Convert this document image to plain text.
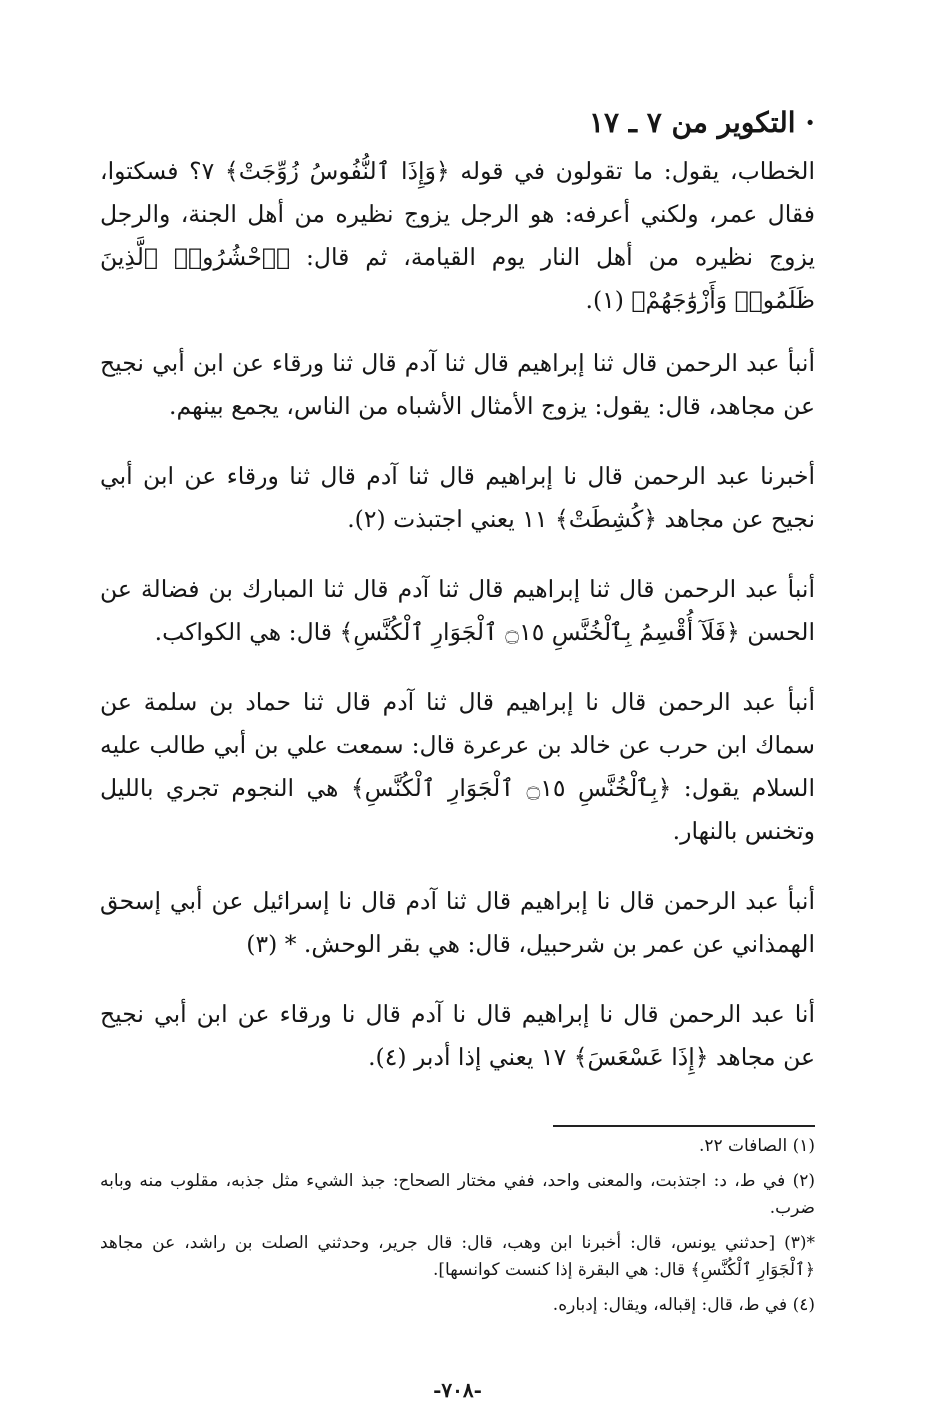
· التكوير من ٧ ـ ١٧

الخطاب، يقول: ما تقولون في قوله ﴿وَإِذَا ٱلنُّفُوسُ زُوِّجَتْ﴾ ٧؟ فسكتوا، فقال عمر، ولكني أعرفه: هو الرجل يزوج نظيره من أهل الجنة، والرجل يزوج نظيره من أهل النار يوم القيامة، ثم قال: ﴿ٱحْشُرُوا۟ ٱلَّذِينَ ظَلَمُوا۟ وَأَزْوَٰجَهُمْ﴾ (١).

أنبأ عبد الرحمن قال ثنا إبراهيم قال ثنا آدم قال ثنا ورقاء عن ابن أبي نجيح عن مجاهد، قال: يقول: يزوج الأمثال الأشباه من الناس، يجمع بينهم.

أخبرنا عبد الرحمن قال نا إبراهيم قال ثنا آدم قال ثنا ورقاء عن ابن أبي نجيح عن مجاهد ﴿كُشِطَتْ﴾ ١١ يعني اجتبذت (٢).

أنبأ عبد الرحمن قال ثنا إبراهيم قال ثنا آدم قال ثنا المبارك بن فضالة عن الحسن ﴿فَلَآ أُقْسِمُ بِٱلْخُنَّسِ ۝١٥ ٱلْجَوَارِ ٱلْكُنَّسِ﴾ قال: هي الكواكب.

أنبأ عبد الرحمن قال نا إبراهيم قال ثنا آدم قال ثنا حماد بن سلمة عن سماك ابن حرب عن خالد بن عرعرة قال: سمعت علي بن أبي طالب عليه السلام يقول: ﴿بِٱلْخُنَّسِ ۝١٥ ٱلْجَوَارِ ٱلْكُنَّسِ﴾ هي النجوم تجري بالليل وتخنس بالنهار.

أنبأ عبد الرحمن قال نا إبراهيم قال ثنا آدم قال نا إسرائيل عن أبي إسحق الهمذاني عن عمر بن شرحبيل، قال: هي بقر الوحش. * (٣)

أنا عبد الرحمن قال نا إبراهيم قال نا آدم قال نا ورقاء عن ابن أبي نجيح عن مجاهد ﴿إِذَا عَسْعَسَ﴾ ١٧ يعني إذا أدبر (٤).

(١) الصافات ٢٢.

(٢) في ط، د: اجتذبت، والمعنى واحد، ففي مختار الصحاح: جبذ الشيء مثل جذبه، مقلوب منه وبابه ضرب.

*(٣) [حدثني يونس، قال: أخبرنا ابن وهب، قال: قال جرير، وحدثني الصلت بن راشد، عن مجاهد ﴿ٱلْجَوَارِ ٱلْكُنَّسِ﴾ قال: هي البقرة إذا كنست كوانسها].

(٤) في ط، قال: إقباله، ويقال: إدباره.

-٧٠٨-
